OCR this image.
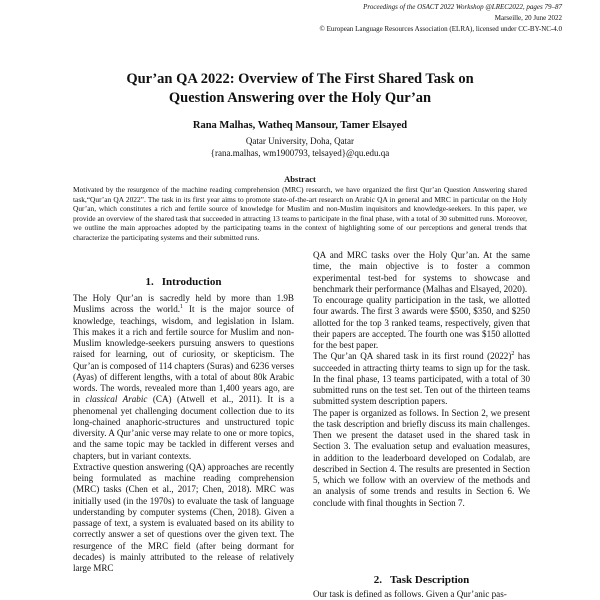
Proceedings of the OSACT 2022 Workshop @LREC2022, pages 79–87
Marseille, 20 June 2022
© European Language Resources Association (ELRA), licensed under CC-BY-NC-4.0
Qur’an QA 2022: Overview of The First Shared Task on
Question Answering over the Holy Qur’an
Rana Malhas, Watheq Mansour, Tamer Elsayed
Qatar University, Doha, Qatar
{rana.malhas, wm1900793, telsayed}@qu.edu.qa
Abstract
Motivated by the resurgence of the machine reading comprehension (MRC) research, we have organized the first Qur’an Question Answering shared task,“Qur’an QA 2022”. The task in its first year aims to promote state-of-the-art research on Arabic QA in general and MRC in particular on the Holy Qur’an, which constitutes a rich and fertile source of knowledge for Muslim and non-Muslim inquisitors and knowledge-seekers. In this paper, we provide an overview of the shared task that succeeded in attracting 13 teams to participate in the final phase, with a total of 30 submitted runs. Moreover, we outline the main approaches adopted by the participating teams in the context of highlighting some of our perceptions and general trends that characterize the participating systems and their submitted runs.
1. Introduction

The Holy Qur’an is sacredly held by more than 1.9B Muslims across the world.$^1$ It is the major source of knowledge, teachings, wisdom, and legislation in Islam. This makes it a rich and fertile source for Muslim and non-Muslim knowledge-seekers pursuing answers to questions raised for learning, out of curiosity, or skepticism. The Qur’an is composed of 114 chapters (Suras) and 6236 verses (Ayas) of different lengths, with a total of about 80k Arabic words. The words, revealed more than 1,400 years ago, are in classical Arabic (CA) (Atwell et al., 2011). It is a phenomenal yet challenging document collection due to its long-chained anaphoric-structures and unstructured topic diversity. A Qur’anic verse may relate to one or more topics, and the same topic may be tackled in different verses and chapters, but in variant contexts.

Extractive question answering (QA) approaches are recently being formulated as machine reading comprehension (MRC) tasks (Chen et al., 2017; Chen, 2018). MRC was initially used (in the 1970s) to evaluate the task of language understanding by computer systems (Chen, 2018). Given a passage of text, a system is evaluated based on its ability to correctly answer a set of questions over the given text. The resurgence of the MRC field (after being dormant for decades) is mainly attributed to the release of relatively large MRC

QA and MRC tasks over the Holy Qur’an. At the same time, the main objective is to foster a common experimental test-bed for systems to showcase and benchmark their performance (Malhas and Elsayed, 2020).

To encourage quality participation in the task, we allotted four awards. The first 3 awards were $500, $350, and $250 allotted for the top 3 ranked teams, respectively, given that their papers are accepted. The fourth one was $150 allotted for the best paper.

The Qur’an QA shared task in its first round $(2022)^2$ has succeeded in attracting thirty teams to sign up for the task. In the final phase, 13 teams participated, with a total of 30 submitted runs on the test set. Ten out of the thirteen teams submitted system description papers.

The paper is organized as follows. In Section 2, we present the task description and briefly discuss its main challenges. Then we present the dataset used in the shared task in Section 3. The evaluation setup and evaluation measures, in addition to the leaderboard developed on Codalab, are described in Section 4. The results are presented in Section 5, which we follow with an overview of the methods and an analysis of some trends and results in Section 6. We conclude with final thoughts in Section 7.

2. Task Description
Our task is defined as follows. Given a Qur’anic pas-
